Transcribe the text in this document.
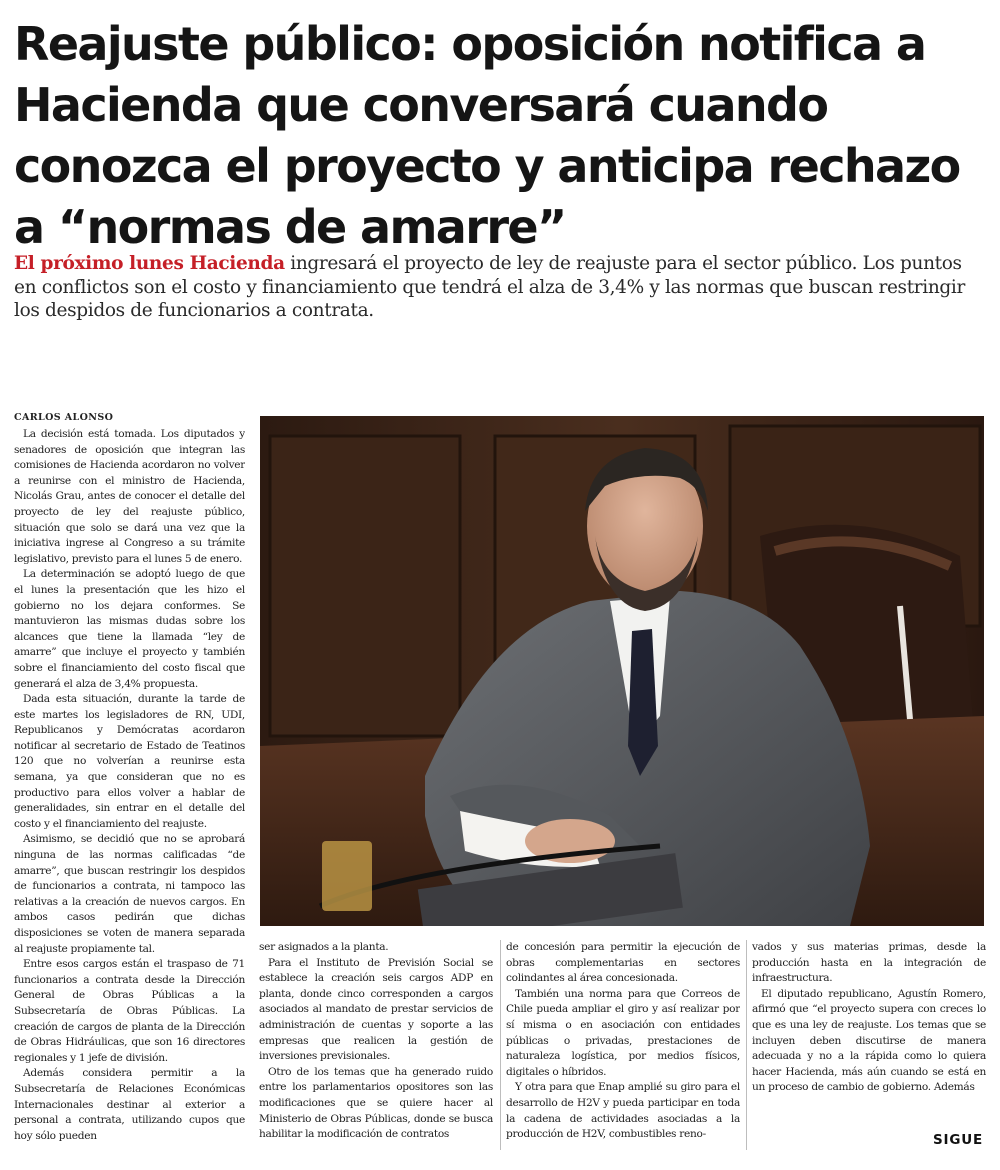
Reajuste público: oposición notifica a Hacienda que conversará cuando conozca el proyecto y anticipa rechazo a “normas de amarre”

El próximo lunes Hacienda ingresará el proyecto de ley de reajuste para el sector público. Los puntos en conflictos son el costo y financiamiento que tendrá el alza de 3,4% y las normas que buscan restringir los despidos de funcionarios a contrata.

CARLOS ALONSO

La decisión está tomada. Los diputados y senadores de oposición que integran las comisiones de Hacienda acordaron no volver a reunirse con el ministro de Hacienda, Nicolás Grau, antes de conocer el detalle del proyecto de ley del reajuste público, situación que solo se dará una vez que la iniciativa ingrese al Congreso a su trámite legislativo, previsto para el lunes 5 de enero.

La determinación se adoptó luego de que el lunes la presentación que les hizo el gobierno no los dejara conformes. Se mantuvieron las mismas dudas sobre los alcances que tiene la llamada “ley de amarre” que incluye el proyecto y también sobre el financiamiento del costo fiscal que generará el alza de 3,4% propuesta.

Dada esta situación, durante la tarde de este martes los legisladores de RN, UDI, Republicanos y Demócratas acordaron notificar al secretario de Estado de Teatinos 120 que no volverían a reunirse esta semana, ya que consideran que no es productivo para ellos volver a hablar de generalidades, sin entrar en el detalle del costo y el financiamiento del reajuste.

Asimismo, se decidió que no se aprobará ninguna de las normas calificadas “de amarre”, que buscan restringir los despidos de funcionarios a contrata, ni tampoco las relativas a la creación de nuevos cargos. En ambos casos pedirán que dichas disposiciones se voten de manera separada al reajuste propiamente tal.

Entre esos cargos están el traspaso de 71 funcionarios a contrata desde la Dirección General de Obras Públicas a la Subsecretaría de Obras Públicas. La creación de cargos de planta de la Dirección de Obras Hidráulicas, que son 16 directores regionales y 1 jefe de división.

Además considera permitir a la Subsecretaría de Relaciones Económicas Internacionales destinar al exterior a personal a contrata, utilizando cupos que hoy sólo pueden

ser asignados a la planta.

Para el Instituto de Previsión Social se establece la creación seis cargos ADP en planta, donde cinco corresponden a cargos asociados al mandato de prestar servicios de administración de cuentas y soporte a las empresas que realicen la gestión de inversiones previsionales.

Otro de los temas que ha generado ruido entre los parlamentarios opositores son las modificaciones que se quiere hacer al Ministerio de Obras Públicas, donde se busca habilitar la modificación de contratos

de concesión para permitir la ejecución de obras complementarias en sectores colindantes al área concesionada.

También una norma para que Correos de Chile pueda ampliar el giro y así realizar por sí misma o en asociación con entidades públicas o privadas, prestaciones de naturaleza logística, por medios físicos, digitales o híbridos.

Y otra para que Enap amplié su giro para el desarrollo de H2V y pueda participar en toda la cadena de actividades asociadas a la producción de H2V, combustibles reno-

vados y sus materias primas, desde la producción hasta en la integración de infraestructura.

El diputado republicano, Agustín Romero, afirmó que “el proyecto supera con creces lo que es una ley de reajuste. Los temas que se incluyen deben discutirse de manera adecuada y no a la rápida como lo quiera hacer Hacienda, más aún cuando se está en un proceso de cambio de gobierno. Además

SIGUE
